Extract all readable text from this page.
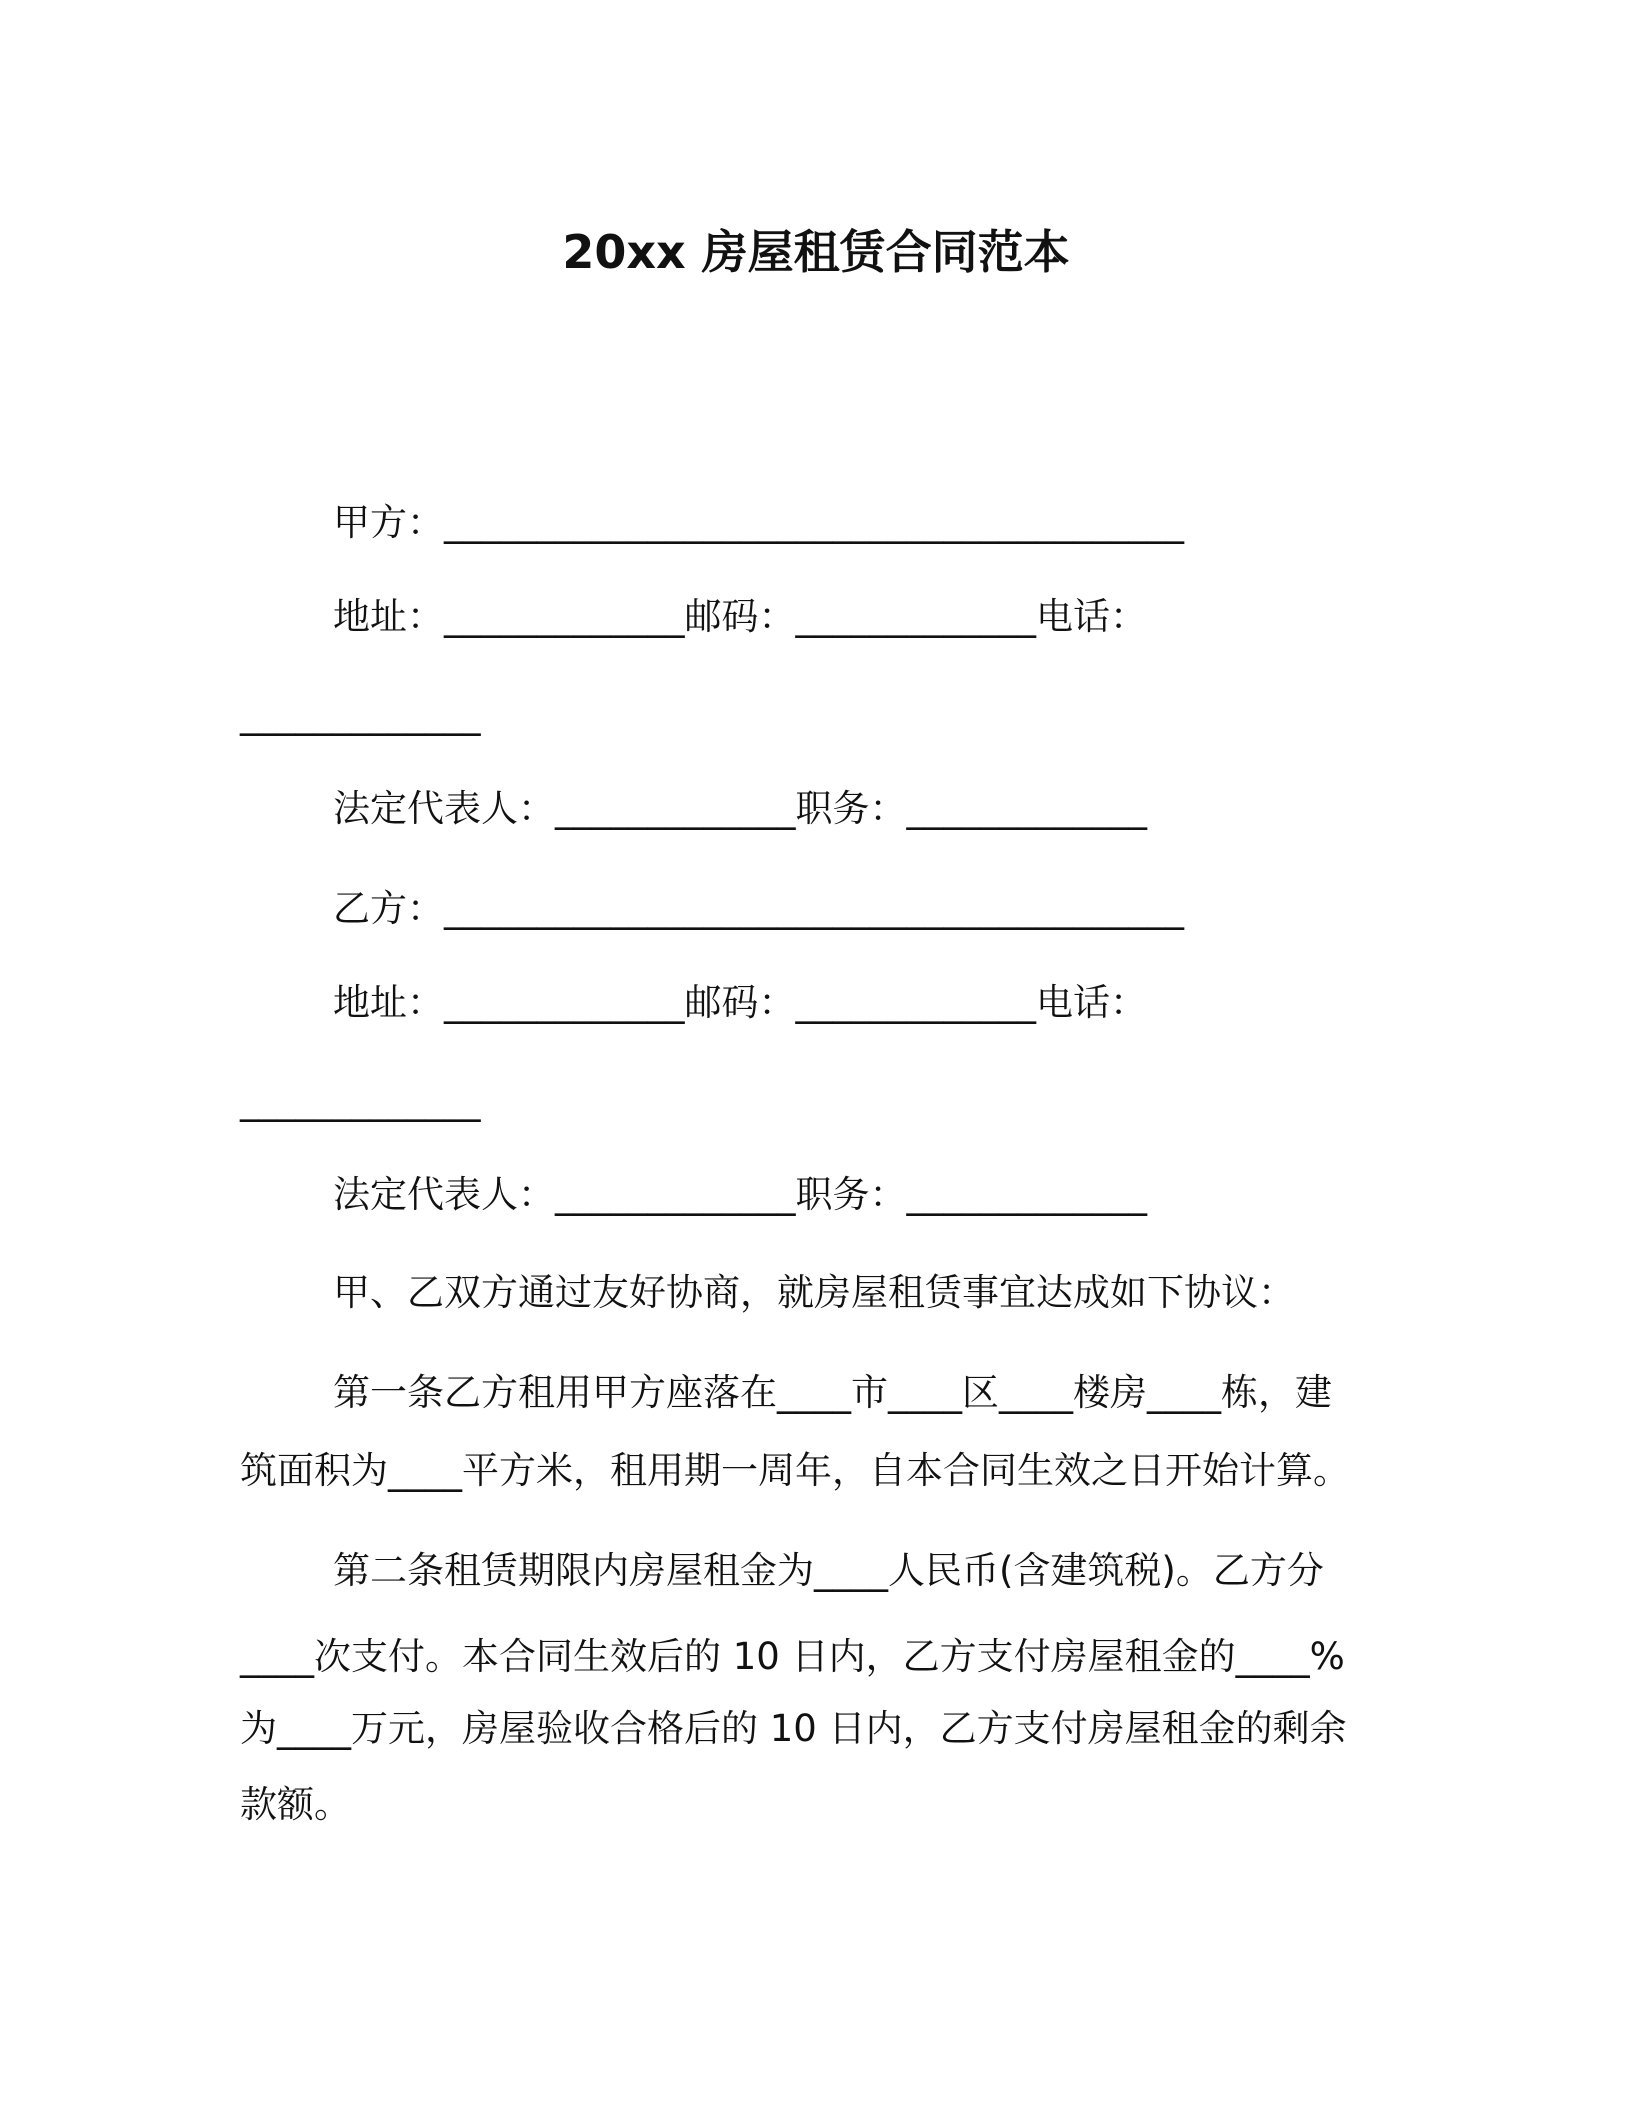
20xx 房屋租赁合同范本

甲方：________________________________________

地址：_____________邮码：_____________电话：

_____________

法定代表人：_____________职务：_____________

乙方：________________________________________

地址：_____________邮码：_____________电话：

_____________

法定代表人：_____________职务：_____________

甲、乙双方通过友好协商，就房屋租赁事宜达成如下协议：

第一条乙方租用甲方座落在____市____区____楼房____栋，建

筑面积为____平方米，租用期一周年，自本合同生效之日开始计算。

第二条租赁期限内房屋租金为____人民币(含建筑税)。乙方分

____次支付。本合同生效后的 10 日内，乙方支付房屋租金的____%

为____万元，房屋验收合格后的 10 日内，乙方支付房屋租金的剩余

款额。
